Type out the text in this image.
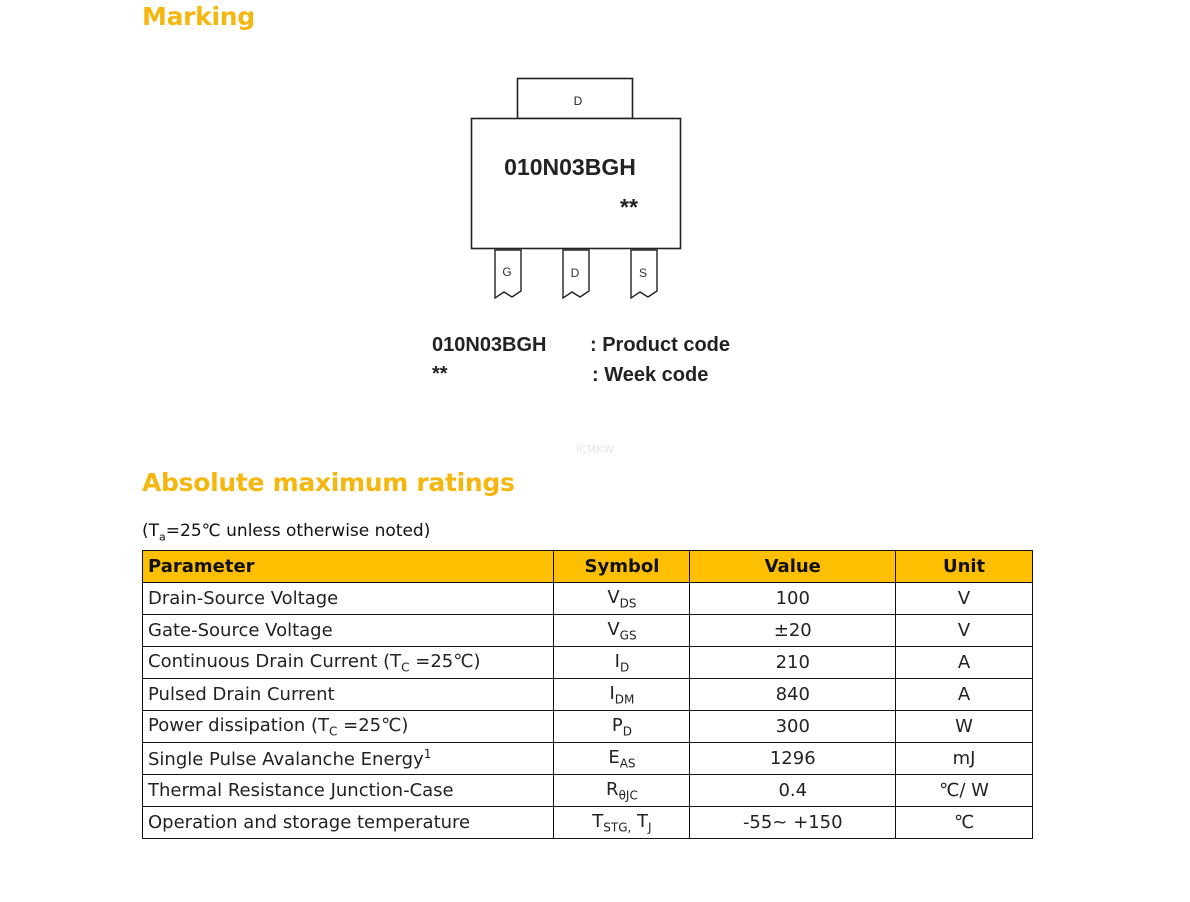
Marking
D
010N03BGH
**
G	D	S
010N03BGH : Product code
**	: Week code
ICMKW
Absolute maximum ratings
($T_a=25℃$ unless otherwise noted)
Parameter	Symbol	Value	Unit
Drain-Source Voltage	$V_{DS}$	100	V
Gate-Source Voltage	$V_{GS}$	±20	V
Continuous Drain Current ($T_C$ =25℃)	$I_D$	210	A
Pulsed Drain Current	$I_{DM}$	840	A
Power dissipation ($T_C$ =25℃)	$P_D$	300	W
Single Pulse Avalanche Energy$^1$	$E_{AS}$	1296	mJ
Thermal Resistance Junction-Case	$R_{\theta JC}$	0.4	℃/ W
Operation and storage temperature	$T_{STG,}$ $T_J$	-55~ +150	℃
